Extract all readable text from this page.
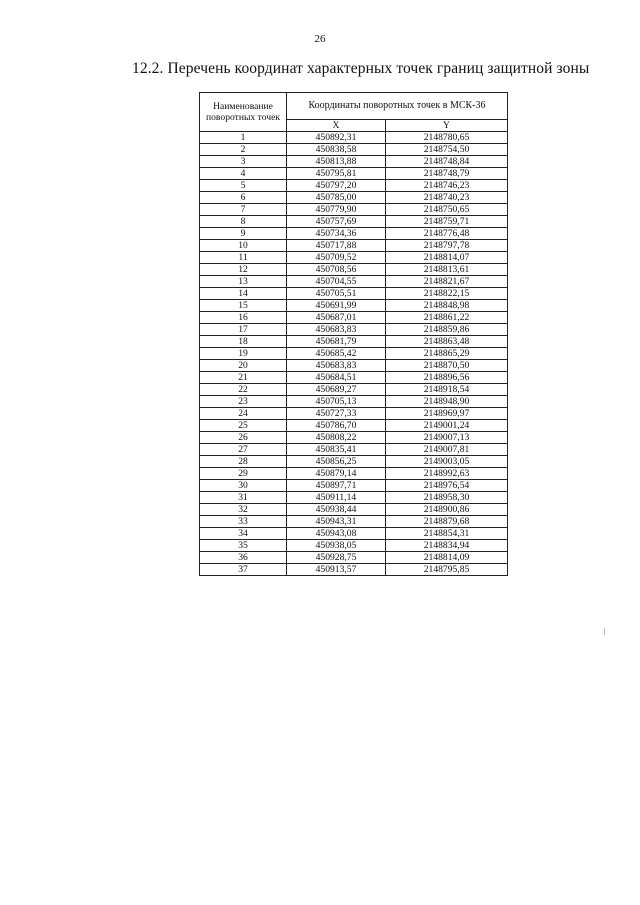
26
12.2. Перечень координат характерных точек границ защитной зоны
Наименование поворотных точек	Координаты поворотных точек в МСК-36	
	X	Y
1	450892,31	2148780,65
2	450838,58	2148754,50
3	450813,88	2148748,84
4	450795,81	2148748,79
5	450797,20	2148746,23
6	450785,00	2148740,23
7	450779,90	2148750,65
8	450757,69	2148759,71
9	450734,36	2148776,48
10	450717,88	2148797,78
11	450709,52	2148814,07
12	450708,56	2148813,61
13	450704,55	2148821,67
14	450705,51	2148822,15
15	450691,99	2148848,98
16	450687,01	2148861,22
17	450683,83	2148859,86
18	450681,79	2148863,48
19	450685,42	2148865,29
20	450683,83	2148870,50
21	450684,51	2148896,56
22	450689,27	2148918,54
23	450705,13	2148948,90
24	450727,33	2148969,97
25	450786,70	2149001,24
26	450808,22	2149007,13
27	450835,41	2149007,81
28	450856,25	2149003,05
29	450879,14	2148992,63
30	450897,71	2148976,54
31	450911,14	2148958,30
32	450938,44	2148900,86
33	450943,31	2148879,68
34	450943,08	2148854,31
35	450938,05	2148834,94
36	450928,75	2148814,09
37	450913,57	2148795,85
